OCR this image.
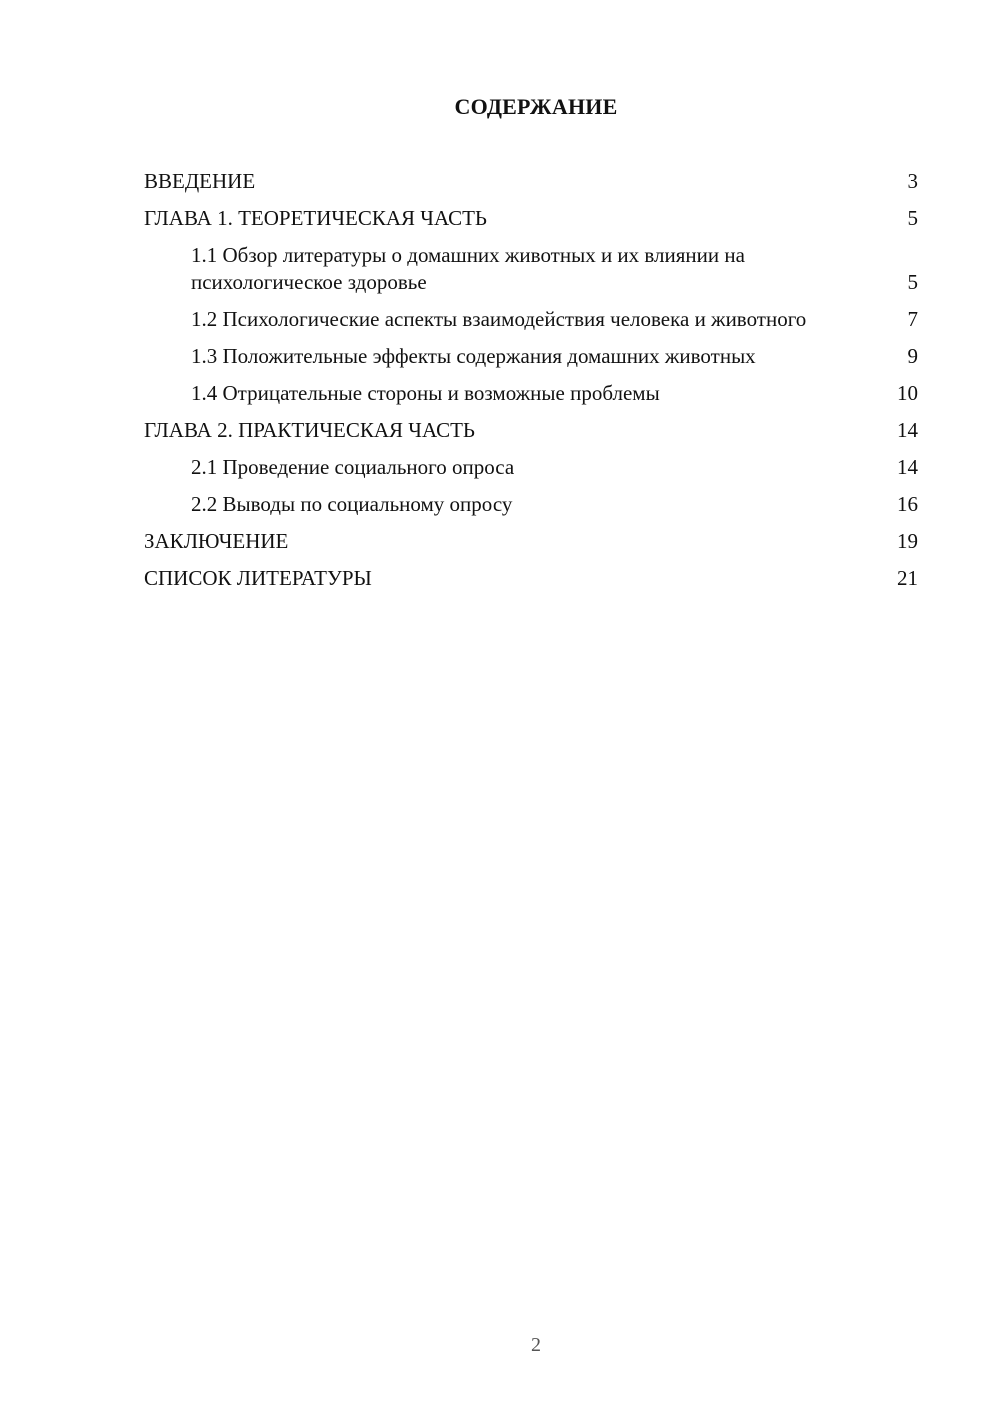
СОДЕРЖАНИЕ
ВВЕДЕНИЕ	3
ГЛАВА 1. ТЕОРЕТИЧЕСКАЯ ЧАСТЬ	5
1.1 Обзор литературы о домашних животных и их влиянии на психологическое здоровье	5
1.2 Психологические аспекты взаимодействия человека и животного	7
1.3 Положительные эффекты содержания домашних животных	9
1.4 Отрицательные стороны и возможные проблемы	10
ГЛАВА 2. ПРАКТИЧЕСКАЯ ЧАСТЬ	14
2.1 Проведение социального опроса	14
2.2 Выводы по социальному опросу	16
ЗАКЛЮЧЕНИЕ	19
СПИСОК ЛИТЕРАТУРЫ	21
2
